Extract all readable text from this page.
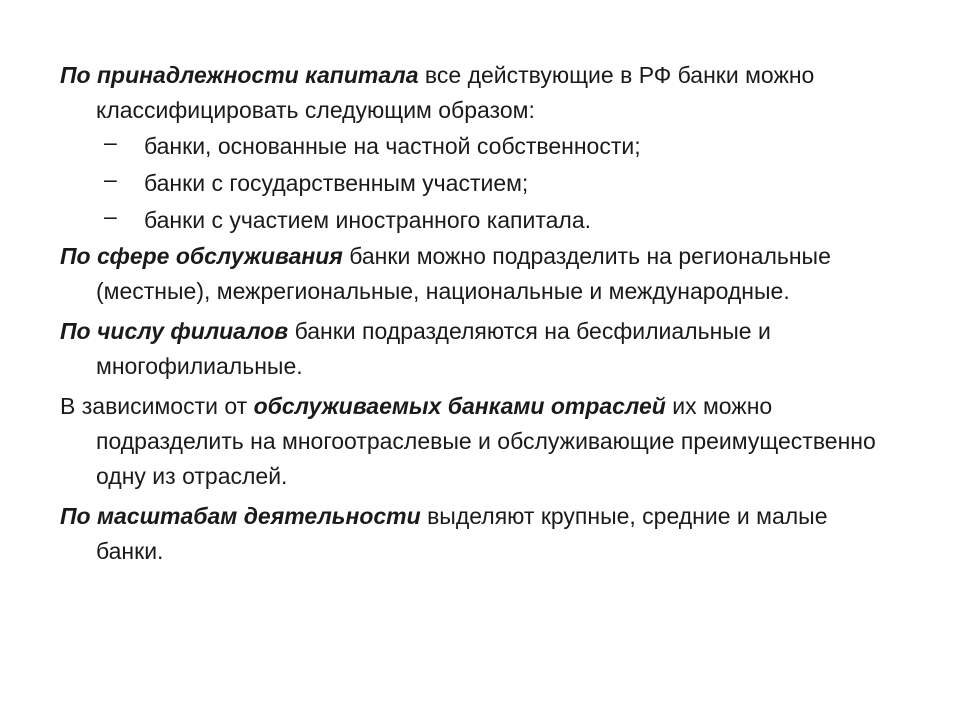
По принадлежности капитала все действующие в РФ банки можно классифицировать следующим образом:

– банки, основанные на частной собственности;
– банки с государственным участием;
– банки с участием иностранного капитала.

По сфере обслуживания банки можно подразделить на региональные (местные), межрегиональные, национальные и международные.

По числу филиалов банки подразделяются на бесфилиальные и многофилиальные.

В зависимости от обслуживаемых банками отраслей их можно подразделить на многоотраслевые и обслуживающие преимущественно одну из отраслей.

По масштабам деятельности выделяют крупные, средние и малые банки.
